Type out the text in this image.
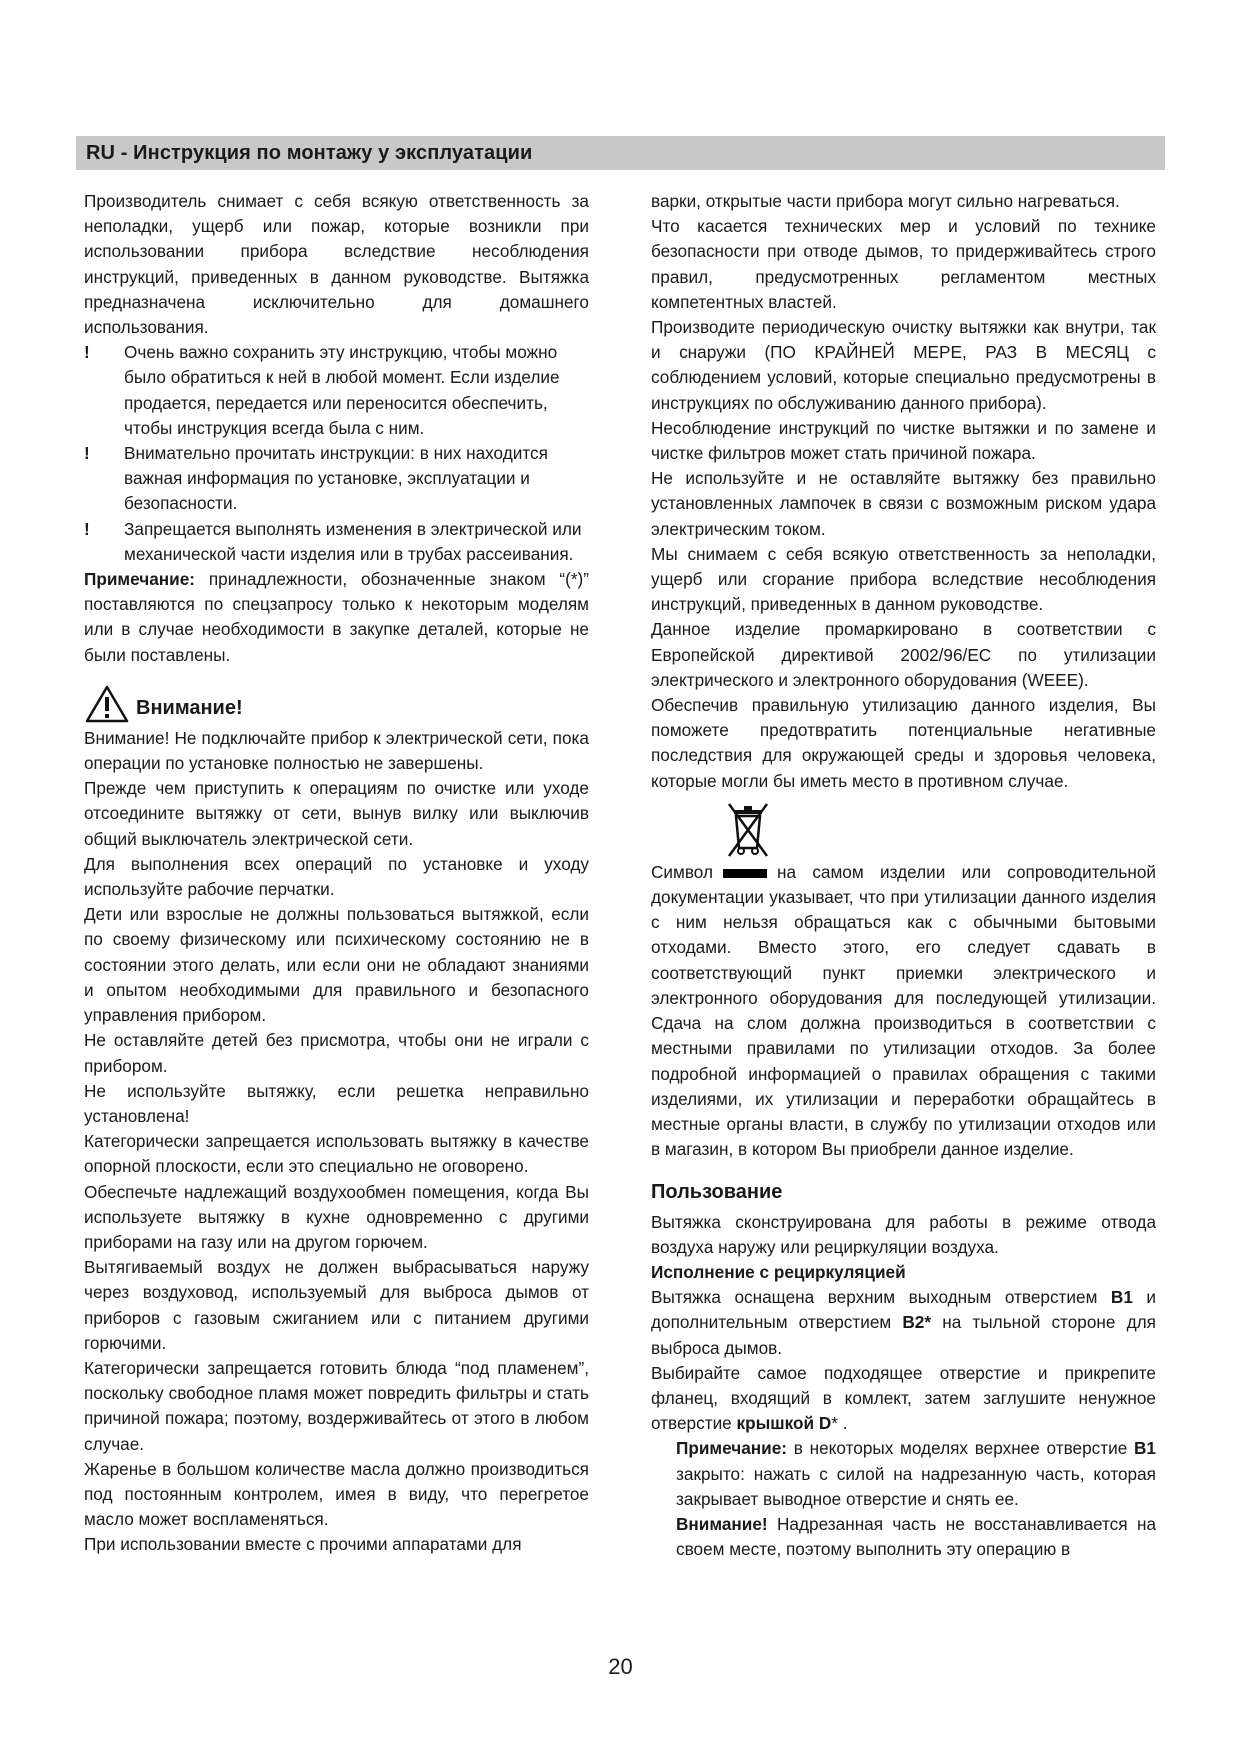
RU - Инструкция по монтажу у эксплуатации

Производитель снимает с себя всякую ответственность за неполадки, ущерб или пожар, которые возникли при использовании прибора вследствие несоблюдения инструкций, приведенных в данном руководстве. Вытяжка предназначена исключительно для домашнего использования.

!	Очень важно сохранить эту инструкцию, чтобы можно было обратиться к ней в любой момент. Если изделие продается, передается или переносится обеспечить, чтобы инструкция всегда была с ним.

!	Внимательно прочитать инструкции: в них находится важная информация по установке, эксплуатации и безопасности.

!	Запрещается выполнять изменения в электрической или механической части изделия или в трубах рассеивания.

Примечание: принадлежности, обозначенные знаком “(*)” поставляются по спецзапросу только к некоторым моделям или в случае необходимости в закупке деталей, которые не были поставлены.

Внимание!

Внимание! Не подключайте прибор к электрической сети, пока операции по установке полностью не завершены.

Прежде чем приступить к операциям по очистке или уходе отсоедините вытяжку от сети, вынув вилку или выключив общий выключатель электрической сети.

Для выполнения всех операций по установке и уходу используйте рабочие перчатки.

Дети или взрослые не должны пользоваться вытяжкой, если по своему физическому или психическому состоянию не в состоянии этого делать, или если они не обладают знаниями и опытом необходимыми для правильного и безопасного управления прибором.

Не оставляйте детей без присмотра, чтобы они не играли с прибором.

Не используйте вытяжку, если решетка неправильно установлена!

Категорически запрещается использовать вытяжку в качестве опорной плоскости, если это специально не оговорено.

Обеспечьте надлежащий воздухообмен помещения, когда Вы используете вытяжку в кухне одновременно с другими приборами на газу или на другом горючем.

Вытягиваемый воздух не должен выбрасываться наружу через воздуховод, используемый для выброса дымов от приборов с газовым сжиганием или с питанием другими горючими.

Категорически запрещается готовить блюда “под пламенем”, поскольку свободное пламя может повредить фильтры и стать причиной пожара; поэтому, воздерживайтесь от этого в любом случае.

Жаренье в большом количестве масла должно производиться под постоянным контролем, имея в виду, что перегретое масло может воспламеняться.

При использовании вместе с прочими аппаратами для

варки, открытые части прибора могут сильно нагреваться.

Что касается технических мер и условий по технике безопасности при отводе дымов, то придерживайтесь строго правил, предусмотренных регламентом местных компетентных властей.

Производите периодическую очистку вытяжки как внутри, так и снаружи (ПО КРАЙНЕЙ МЕРЕ, РАЗ В МЕСЯЦ с соблюдением условий, которые специально предусмотрены в инструкциях по обслуживанию данного прибора).

Несоблюдение инструкций по чистке вытяжки и по замене и чистке фильтров может стать причиной пожара.

Не используйте и не оставляйте вытяжку без правильно установленных лампочек в связи с возможным риском удара электрическим током.

Мы снимаем с себя всякую ответственность за неполадки, ущерб или сгорание прибора вследствие несоблюдения инструкций, приведенных в данном руководстве.

Данное изделие промаркировано в соответствии с Европейской директивой 2002/96/ЕС по утилизации электрического и электронного оборудования (WEEE).

Обеспечив правильную утилизацию данного изделия, Вы поможете предотвратить потенциальные негативные последствия для окружающей среды и здоровья человека, которые могли бы иметь место в противном случае.

Символ	на самом изделии или сопроводительной документации указывает, что при утилизации данного изделия с ним нельзя обращаться как с обычными бытовыми отходами. Вместо этого, его следует сдавать в соответствующий пункт приемки электрического и электронного оборудования для последующей утилизации. Сдача на слом должна производиться в соответствии с местными правилами по утилизации отходов. За более подробной информацией о правилах обращения с такими изделиями, их утилизации и переработки обращайтесь в местные органы власти, в службу по утилизации отходов или в магазин, в котором Вы приобрели данное изделие.

Пользование

Вытяжка сконструирована для работы в режиме отвода воздуха наружу или рециркуляции воздуха.

Исполнение с рециркуляцией

Вытяжка оснащена верхним выходным отверстием B1 и дополнительным отверстием B2* на тыльной стороне для выброса дымов.

Выбирайте самое подходящее отверстие и прикрепите фланец, входящий в комлект, затем заглушите ненужное отверстие крышкой D* .

Примечание: в некоторых моделях верхнее отверстие B1 закрыто: нажать с силой на надрезанную часть, которая закрывает выводное отверстие и снять ее.

Внимание! Надрезанная часть не восстанавливается на своем месте, поэтому выполнить эту операцию в

20
